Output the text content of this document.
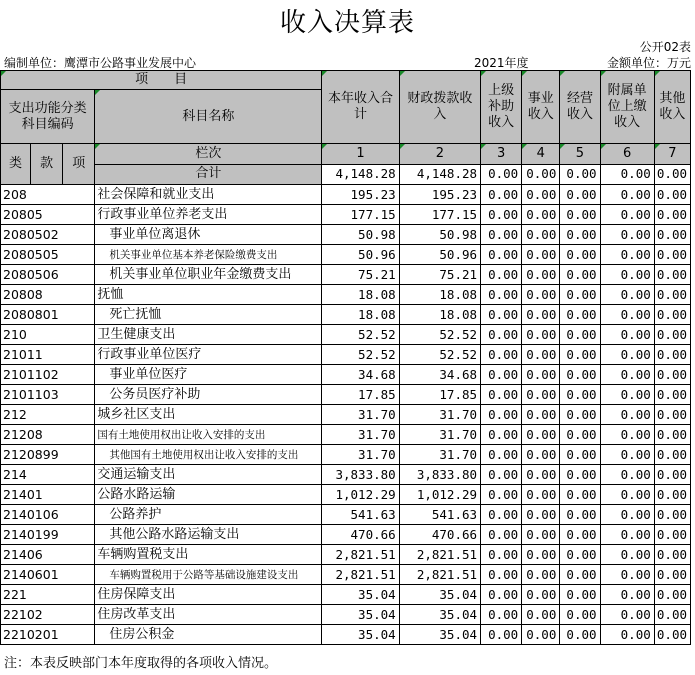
收入决算表
公开02表
编制单位：鹰潭市公路事业发展中心	2021年度	金额单位：万元
项　　目				本年收入合计	财政拨款收入	上级补助收入	事业收入	经营收入	附属单位上缴收入	其他收入
支出功能分类科目编码			科目名称							
类	款	项								
			栏次	1	2	3	4	5	6	7
			合计	4,148.28	4,148.28	0.00	0.00	0.00	0.00	0.00
208			社会保障和就业支出	195.23	195.23	0.00	0.00	0.00	0.00	0.00
20805			行政事业单位养老支出	177.15	177.15	0.00	0.00	0.00	0.00	0.00
2080502			事业单位离退休	50.98	50.98	0.00	0.00	0.00	0.00	0.00
2080505			机关事业单位基本养老保险缴费支出	50.96	50.96	0.00	0.00	0.00	0.00	0.00
2080506			机关事业单位职业年金缴费支出	75.21	75.21	0.00	0.00	0.00	0.00	0.00
20808			抚恤	18.08	18.08	0.00	0.00	0.00	0.00	0.00
2080801			死亡抚恤	18.08	18.08	0.00	0.00	0.00	0.00	0.00
210			卫生健康支出	52.52	52.52	0.00	0.00	0.00	0.00	0.00
21011			行政事业单位医疗	52.52	52.52	0.00	0.00	0.00	0.00	0.00
2101102			事业单位医疗	34.68	34.68	0.00	0.00	0.00	0.00	0.00
2101103			公务员医疗补助	17.85	17.85	0.00	0.00	0.00	0.00	0.00
212			城乡社区支出	31.70	31.70	0.00	0.00	0.00	0.00	0.00
21208			国有土地使用权出让收入安排的支出	31.70	31.70	0.00	0.00	0.00	0.00	0.00
2120899			其他国有土地使用权出让收入安排的支出	31.70	31.70	0.00	0.00	0.00	0.00	0.00
214			交通运输支出	3,833.80	3,833.80	0.00	0.00	0.00	0.00	0.00
21401			公路水路运输	1,012.29	1,012.29	0.00	0.00	0.00	0.00	0.00
2140106			公路养护	541.63	541.63	0.00	0.00	0.00	0.00	0.00
2140199			其他公路水路运输支出	470.66	470.66	0.00	0.00	0.00	0.00	0.00
21406			车辆购置税支出	2,821.51	2,821.51	0.00	0.00	0.00	0.00	0.00
2140601			车辆购置税用于公路等基础设施建设支出	2,821.51	2,821.51	0.00	0.00	0.00	0.00	0.00
221			住房保障支出	35.04	35.04	0.00	0.00	0.00	0.00	0.00
22102			住房改革支出	35.04	35.04	0.00	0.00	0.00	0.00	0.00
2210201			住房公积金	35.04	35.04	0.00	0.00	0.00	0.00	0.00
注：本表反映部门本年度取得的各项收入情况。
